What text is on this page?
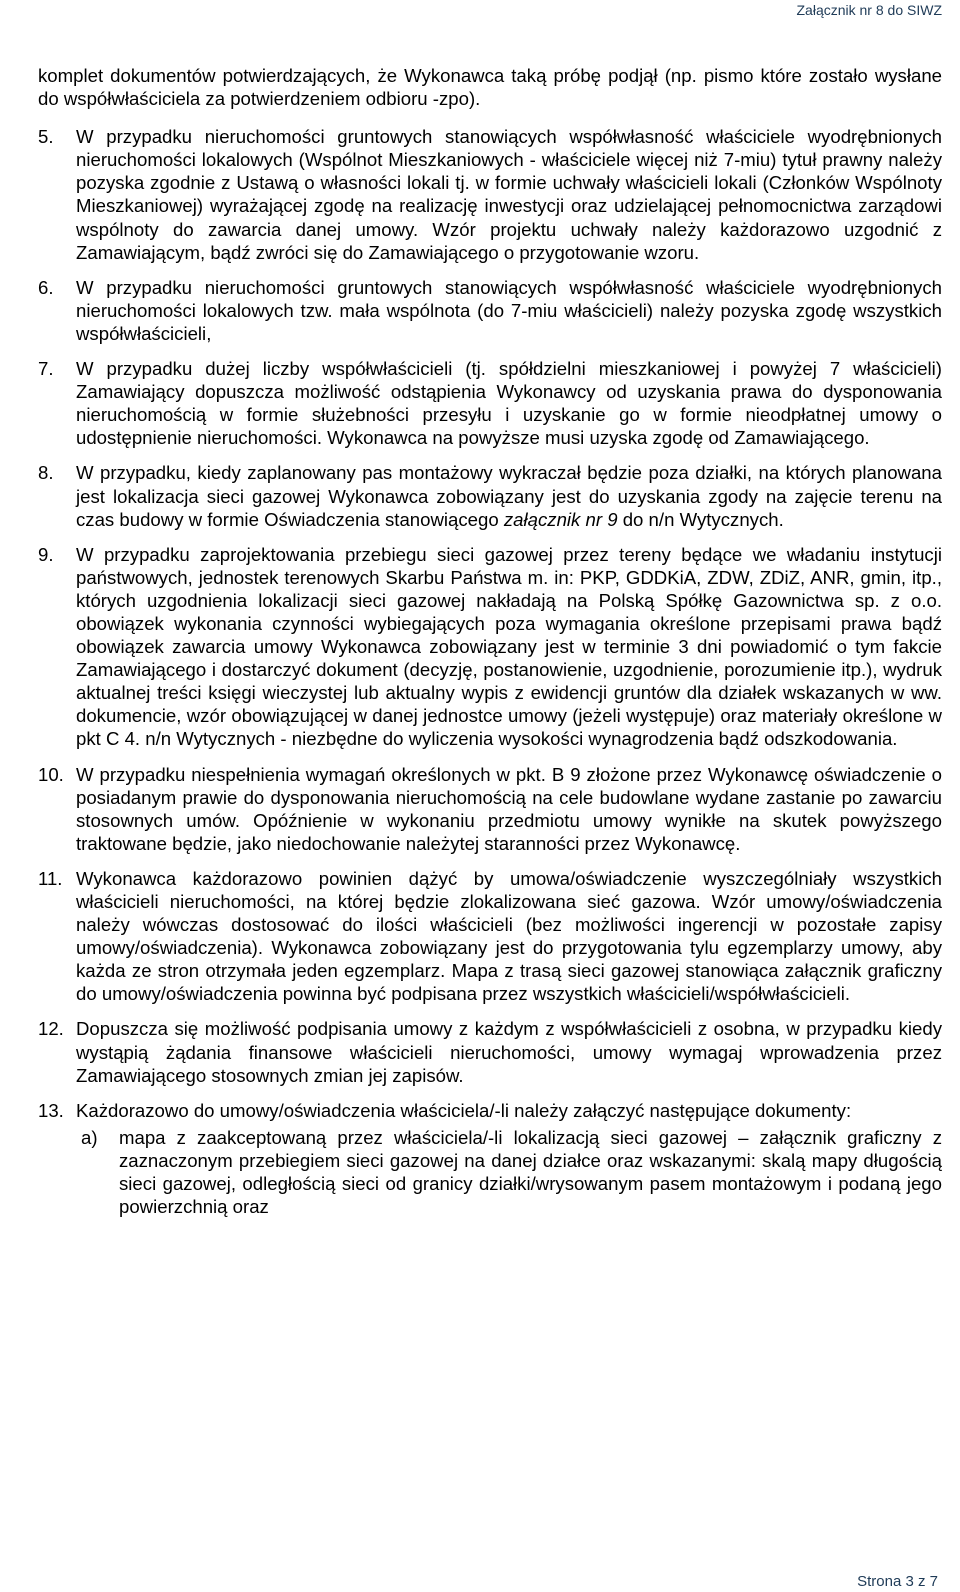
Załącznik nr 8 do SIWZ

komplet dokumentów potwierdzających, że Wykonawca taką próbę podjął (np. pismo które zostało wysłane do współwłaściciela za potwierdzeniem odbioru -zpo).

5.	W przypadku nieruchomości gruntowych stanowiących współwłasność właściciele wyodrębnionych nieruchomości lokalowych (Wspólnot Mieszkaniowych - właściciele więcej niż 7-miu) tytuł prawny należy pozyska zgodnie z Ustawą o własności lokali tj. w formie uchwały właścicieli lokali (Członków Wspólnoty Mieszkaniowej) wyrażającej zgodę na realizację inwestycji oraz udzielającej pełnomocnictwa zarządowi wspólnoty do zawarcia danej umowy. Wzór projektu uchwały należy każdorazowo uzgodnić z Zamawiającym, bądź zwróci się do Zamawiającego o przygotowanie wzoru.
6.	W przypadku nieruchomości gruntowych stanowiących współwłasność właściciele wyodrębnionych nieruchomości lokalowych tzw. mała wspólnota (do 7-miu właścicieli) należy pozyska zgodę wszystkich współwłaścicieli,
7.	W przypadku dużej liczby współwłaścicieli (tj. spółdzielni mieszkaniowej i powyżej 7 właścicieli) Zamawiający dopuszcza możliwość odstąpienia Wykonawcy od uzyskania prawa do dysponowania nieruchomością w formie służebności przesyłu i uzyskanie go w formie nieodpłatnej umowy o udostępnienie nieruchomości. Wykonawca na powyższe musi uzyska zgodę od Zamawiającego.
8.	W przypadku, kiedy zaplanowany pas montażowy wykraczał będzie poza działki, na których planowana jest lokalizacja sieci gazowej Wykonawca zobowiązany jest do uzyskania zgody na zajęcie terenu na czas budowy w formie Oświadczenia stanowiącego załącznik nr 9 do n/n Wytycznych.
9.	W przypadku zaprojektowania przebiegu sieci gazowej przez tereny będące we władaniu instytucji państwowych, jednostek terenowych Skarbu Państwa m. in: PKP, GDDKiA, ZDW, ZDiZ, ANR, gmin, itp., których uzgodnienia lokalizacji sieci gazowej nakładają na Polską Spółkę Gazownictwa sp. z o.o. obowiązek wykonania czynności wybiegających poza wymagania określone przepisami prawa bądź obowiązek zawarcia umowy Wykonawca zobowiązany jest w terminie 3 dni powiadomić o tym fakcie Zamawiającego i dostarczyć dokument (decyzję, postanowienie, uzgodnienie, porozumienie itp.), wydruk aktualnej treści księgi wieczystej lub aktualny wypis z ewidencji gruntów dla działek wskazanych w ww. dokumencie, wzór obowiązującej w danej jednostce umowy (jeżeli występuje) oraz materiały określone w pkt C 4. n/n Wytycznych - niezbędne do wyliczenia wysokości wynagrodzenia bądź odszkodowania.
10. W przypadku niespełnienia wymagań określonych w pkt. B 9 złożone przez Wykonawcę oświadczenie o posiadanym prawie do dysponowania nieruchomością na cele budowlane wydane zastanie po zawarciu stosownych umów. Opóźnienie w wykonaniu przedmiotu umowy wynikłe na skutek powyższego traktowane będzie, jako niedochowanie należytej staranności przez Wykonawcę.
11. Wykonawca każdorazowo powinien dążyć by umowa/oświadczenie wyszczególniały wszystkich właścicieli nieruchomości, na której będzie zlokalizowana sieć gazowa. Wzór umowy/oświadczenia należy wówczas dostosować do ilości właścicieli (bez możliwości ingerencji w pozostałe zapisy umowy/oświadczenia). Wykonawca zobowiązany jest do przygotowania tylu egzemplarzy umowy, aby każda ze stron otrzymała jeden egzemplarz. Mapa z trasą sieci gazowej stanowiąca załącznik graficzny do umowy/oświadczenia powinna być podpisana przez wszystkich właścicieli/współwłaścicieli.
12. Dopuszcza się możliwość podpisania umowy z każdym z współwłaścicieli z osobna, w przypadku kiedy wystąpią żądania finansowe właścicieli nieruchomości, umowy wymagaj wprowadzenia przez Zamawiającego stosownych zmian jej zapisów.
13. Każdorazowo do umowy/oświadczenia właściciela/-li należy załączyć następujące dokumenty:
a)	mapa z zaakceptowaną przez właściciela/-li lokalizacją sieci gazowej – załącznik graficzny z zaznaczonym przebiegiem sieci gazowej na danej działce oraz wskazanymi: skalą mapy długością sieci gazowej, odległością sieci od granicy działki/wrysowanym pasem montażowym i podaną jego powierzchnią oraz
Strona 3 z 7
